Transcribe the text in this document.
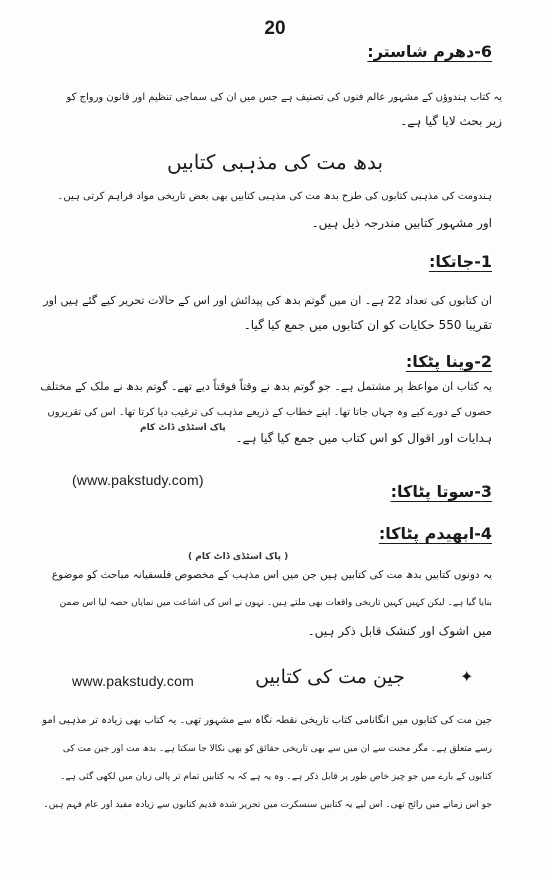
20
6-دھرم شاستر:
یہ کتاب ہندوؤں کے مشہور عالم فنوں کی تصنیف ہے جس میں ان کی سماجی تنظیم اور قانون ورواج کو
زیر بحث لایا گیا ہے۔
بدھ مت کی مذہبی کتابیں
ہندومت کی مذہبی کتابوں کی طرح بدھ مت کی مذہبی کتابیں بھی بعض تاریخی مواد فراہم کرتی ہیں۔
اور مشہور کتابیں مندرجہ ذیل ہیں۔
1-جاتکا:
ان کتابوں کی تعداد 22 ہے۔ ان میں گوتم بدھ کی پیدائش اور اس کے حالات تحریر کیے گئے ہیں اور
تقریبا 550 حکایات کو ان کتابوں میں جمع کیا گیا۔
2-وینا پٹکا:
یہ کتاب ان مواعظ پر مشتمل ہے۔ جو گوتم بدھ نے وقتاً فوقتاً دیے تھے۔ گوتم بدھ نے ملک کے مختلف
حصوں کے دورے کیے وہ جہاں جاتا تھا۔ اپنے خطاب کے ذریعے مذہب کی ترغیب دیا کرتا تھا۔ اس کی تقریروں
پاک اسٹڈی ڈاٹ کام
ہدایات اور اقوال کو اس کتاب میں جمع کیا گیا ہے۔
(www.pakstudy.com)
3-سوتا پٹاکا:
4-ابھیدم پٹاکا:
( پاک اسٹڈی ڈاٹ کام )
یہ دونوں کتابیں بدھ مت کی کتابیں ہیں جن میں اس مذہب کے مخصوص فلسفیانہ مباحث کو موضوع
بنایا گیا ہے۔ لیکن کہیں کہیں تاریخی واقعات بھی ملتے ہیں۔ نہوں نے اس کی اشاعت میں نمایاں حصہ لیا اس ضمن
میں اشوک اور کنشک قابل ذکر ہیں۔
www.pakstudy.com	جین مت کی کتابیں	✦
جین مت کی کتابوں میں انگانامی کتاب تاریخی نقطہ نگاہ سے مشہور تھی۔ یہ کتاب بھی زیادہ تر مذہبی امو
رسے متعلق ہے۔ مگر محنت سے ان میں سے بھی تاریخی حقائق کو بھی نکالا جا سکتا ہے۔ بدھ مت اور جین مت کی
کتابوں کے بارے میں جو چیز خاص طور پر قابل ذکر ہے۔ وہ یہ ہے کہ یہ کتابیں تمام تر پالی زبان میں لکھی گئی ہے۔
جو اس زمانے میں رائج تھی۔ اس لیے یہ کتابیں سنسکرت میں تحریر شدہ قدیم کتابوں سے زیادہ مفید اور عام فہم ہیں۔
